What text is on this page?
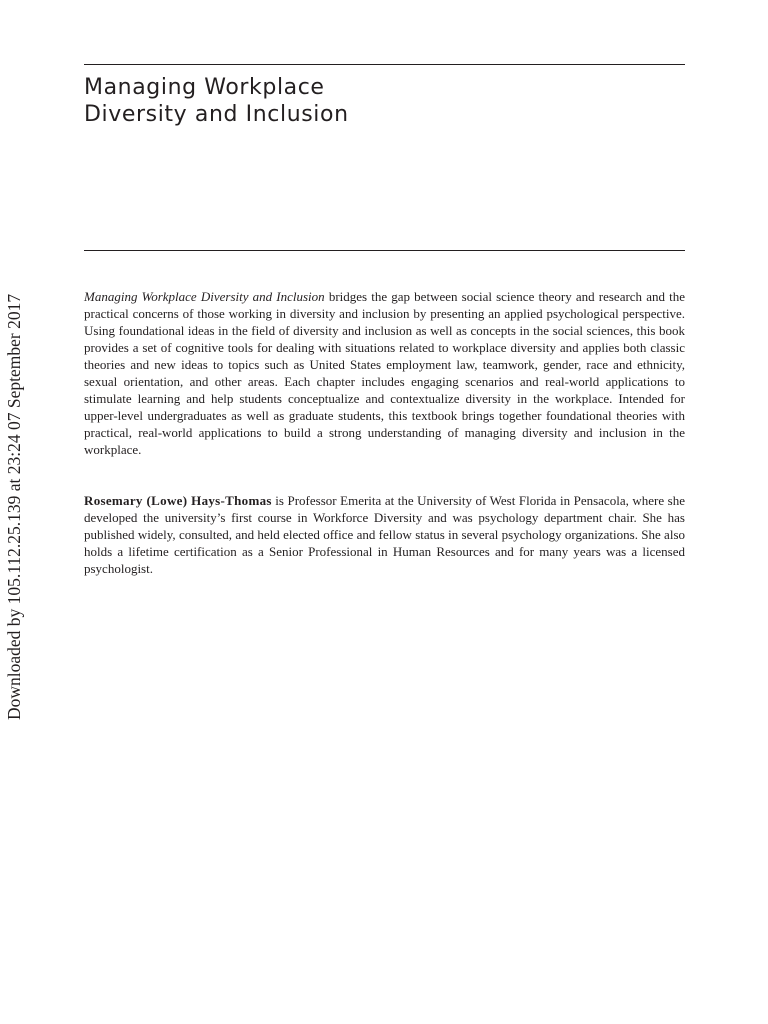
Managing Workplace
Diversity and Inclusion
Downloaded by 105.112.25.139 at 23:24 07 September 2017	Managing Workplace Diversity and Inclusion bridges the gap between social science theory and research and the practical concerns of those working in diversity and inclusion by presenting an applied psychological perspective. Using foundational ideas in the field of diversity and inclusion as well as concepts in the social sciences, this book provides a set of cognitive tools for dealing with situations related to workplace diversity and applies both classic theories and new ideas to topics such as United States employment law, teamwork, gender, race and ethnicity, sexual orientation, and other areas. Each chapter includes engaging scenarios and real-world applications to stimulate learning and help students conceptualize and contextualize diversity in the workplace. Intended for upper-level undergraduates as well as graduate students, this textbook brings together foundational theories with practical, real-world applications to build a strong understanding of managing diversity and inclusion in the workplace.

Rosemary (Lowe) Hays-Thomas is Professor Emerita at the University of West Florida in Pensacola, where she developed the university’s first course in Workforce Diversity and was psychology department chair. She has published widely, consulted, and held elected office and fellow status in several psychology organizations. She also holds a lifetime certification as a Senior Professional in Human Resources and for many years was a licensed psychologist.
